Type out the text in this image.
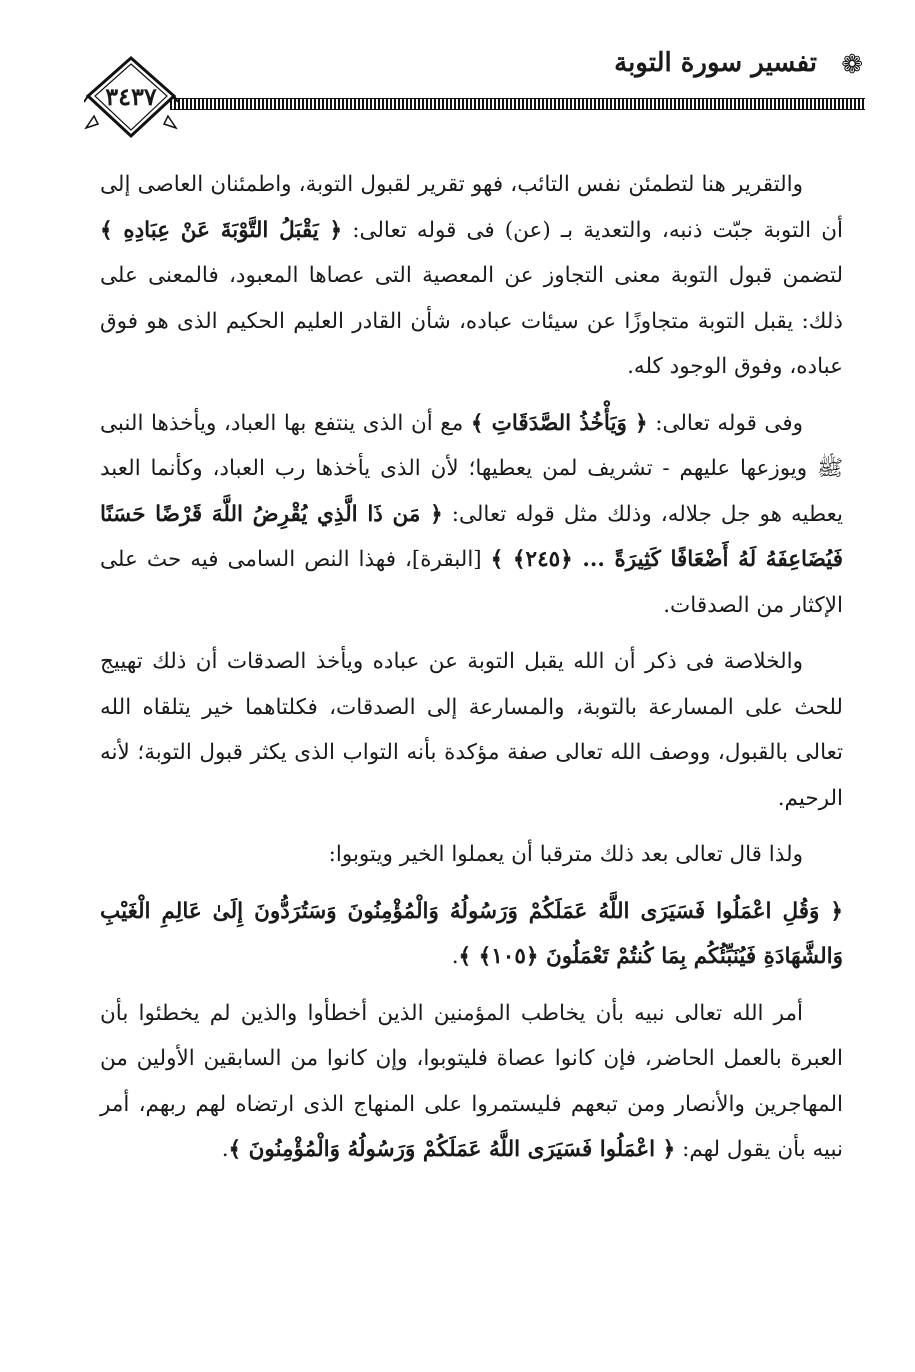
❁
تفسير سورة التوبة
٣٤٣٧

والتقرير هنا لتطمئن نفس التائب، فهو تقرير لقبول التوبة، واطمئنان العاصى إلى أن التوبة جبّت ذنبه، والتعدية بـ (عن) فى قوله تعالى: ﴿ يَقْبَلُ التَّوْبَةَ عَنْ عِبَادِهِ ﴾ لتضمن قبول التوبة معنى التجاوز عن المعصية التى عصاها المعبود، فالمعنى على ذلك: يقبل التوبة متجاوزًا عن سيئات عباده، شأن القادر العليم الحكيم الذى هو فوق عباده، وفوق الوجود كله.

وفى قوله تعالى: ﴿ وَيَأْخُذُ الصَّدَقَاتِ ﴾ مع أن الذى ينتفع بها العباد، ويأخذها النبى ﷺ ويوزعها عليهم - تشريف لمن يعطيها؛ لأن الذى يأخذها رب العباد، وكأنما العبد يعطيه هو جل جلاله، وذلك مثل قوله تعالى: ﴿ مَن ذَا الَّذِي يُقْرِضُ اللَّهَ قَرْضًا حَسَنًا فَيُضَاعِفَهُ لَهُ أَضْعَافًا كَثِيرَةً ... ﴿٢٤٥﴾ ﴾ [البقرة]، فهذا النص السامى فيه حث على الإكثار من الصدقات.

والخلاصة فى ذكر أن الله يقبل التوبة عن عباده ويأخذ الصدقات أن ذلك تهييج للحث على المسارعة بالتوبة، والمسارعة إلى الصدقات، فكلتاهما خير يتلقاه الله تعالى بالقبول، ووصف الله تعالى صفة مؤكدة بأنه التواب الذى يكثر قبول التوبة؛ لأنه الرحيم.

ولذا قال تعالى بعد ذلك مترقبا أن يعملوا الخير ويتوبوا:

﴿ وَقُلِ اعْمَلُوا فَسَيَرَى اللَّهُ عَمَلَكُمْ وَرَسُولُهُ وَالْمُؤْمِنُونَ وَسَتُرَدُّونَ إِلَىٰ عَالِمِ الْغَيْبِ وَالشَّهَادَةِ فَيُنَبِّئُكُم بِمَا كُنتُمْ تَعْمَلُونَ ﴿١٠٥﴾ ﴾.

أمر الله تعالى نبيه بأن يخاطب المؤمنين الذين أخطأوا والذين لم يخطئوا بأن العبرة بالعمل الحاضر، فإن كانوا عصاة فليتوبوا، وإن كانوا من السابقين الأولين من المهاجرين والأنصار ومن تبعهم فليستمروا على المنهاج الذى ارتضاه لهم ربهم، أمر نبيه بأن يقول لهم: ﴿ اعْمَلُوا فَسَيَرَى اللَّهُ عَمَلَكُمْ وَرَسُولُهُ وَالْمُؤْمِنُونَ ﴾.
